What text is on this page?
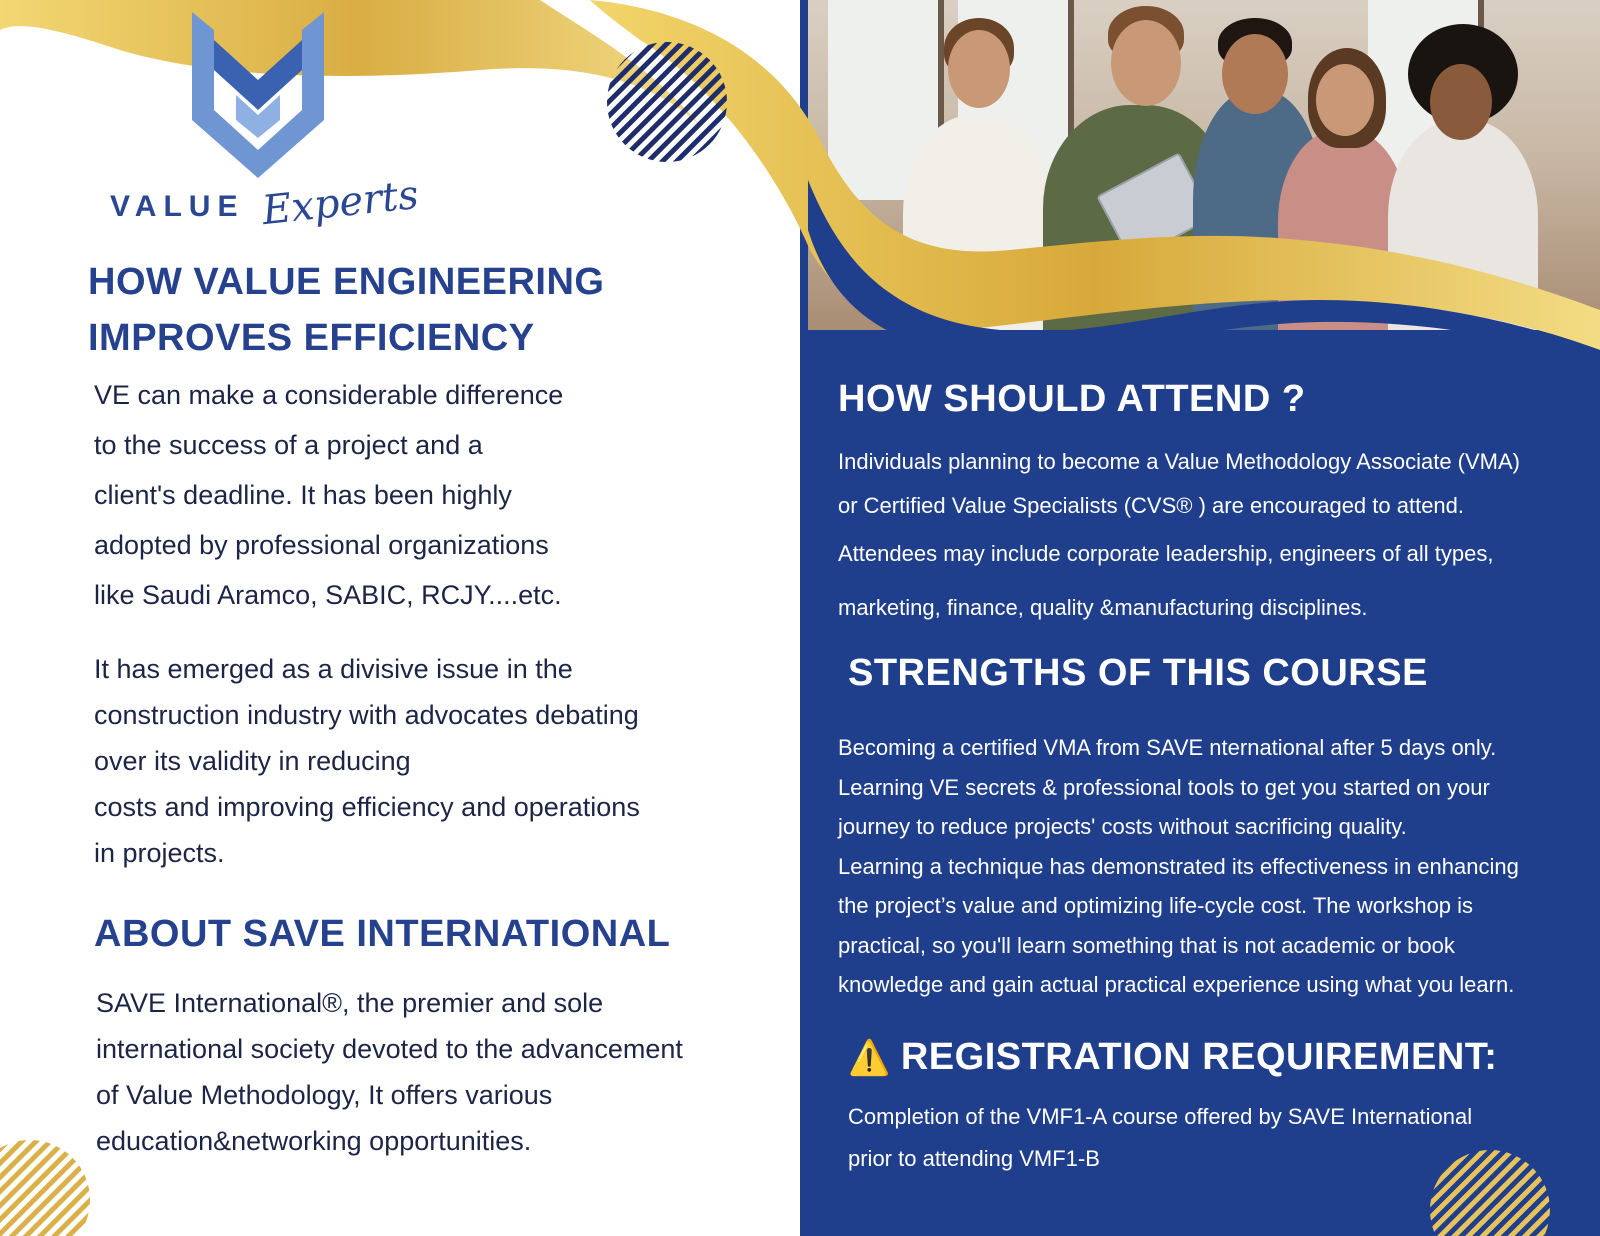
VALUE Experts
HOW VALUE ENGINEERING
IMPROVES EFFICIENCY
VE can make a considerable difference
to the success of a project and a
client's deadline. It has been highly
adopted by professional organizations
like Saudi Aramco, SABIC, RCJY....etc.
It has emerged as a divisive issue in the
construction industry with advocates debating
over its validity in reducing
costs and improving efficiency and operations
in projects.
ABOUT SAVE INTERNATIONAL
SAVE International®, the premier and sole
international society devoted to the advancement
of Value Methodology, It offers various
education&networking opportunities.
HOW SHOULD ATTEND ?
Individuals planning to become a Value Methodology Associate (VMA)
or Certified Value Specialists (CVS® ) are encouraged to attend.
Attendees may include corporate leadership, engineers of all types,
marketing, finance, quality &manufacturing disciplines.
STRENGTHS OF THIS COURSE
Becoming a certified VMA from SAVE nternational after 5 days only.
Learning VE secrets & professional tools to get you started on your
journey to reduce projects' costs without sacrificing quality.
Learning a technique has demonstrated its effectiveness in enhancing
the project’s value and optimizing life-cycle cost. The workshop is
practical, so you'll learn something that is not academic or book
knowledge and gain actual practical experience using what you learn.
⚠️ REGISTRATION REQUIREMENT:
Completion of the VMF1-A course offered by SAVE International
prior to attending VMF1-B
